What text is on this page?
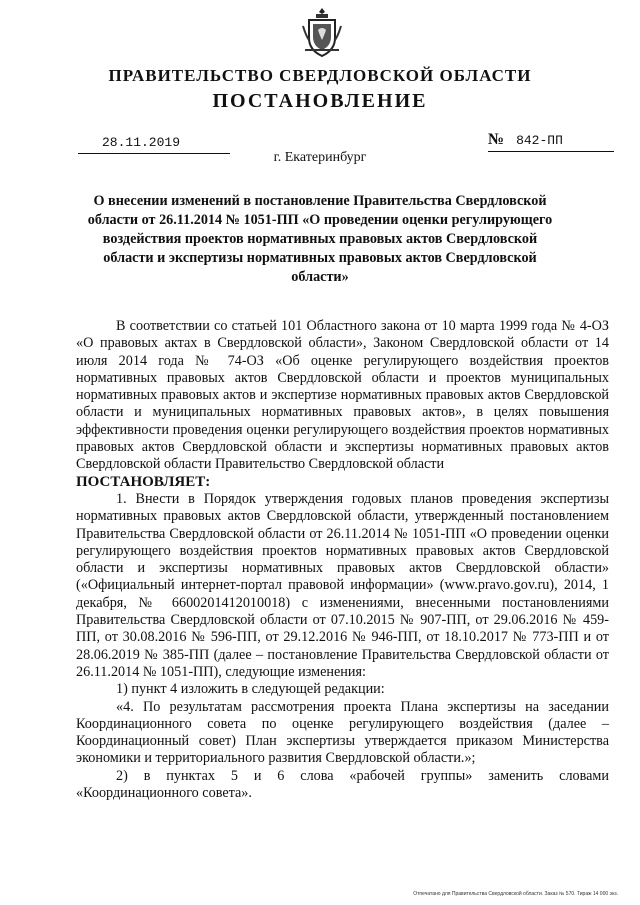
ПРАВИТЕЛЬСТВО СВЕРДЛОВСКОЙ ОБЛАСТИ
ПОСТАНОВЛЕНИЕ
28.11.2019	№ 842-ПП
г. Екатеринбург
О внесении изменений в постановление Правительства Свердловской области от 26.11.2014 № 1051-ПП «О проведении оценки регулирующего воздействия проектов нормативных правовых актов Свердловской области и экспертизы нормативных правовых актов Свердловской области»

В соответствии со статьей 101 Областного закона от 10 марта 1999 года № 4-ОЗ «О правовых актах в Свердловской области», Законом Свердловской области от 14 июля 2014 года № 74-ОЗ «Об оценке регулирующего воздействия проектов нормативных правовых актов Свердловской области и проектов муниципальных нормативных правовых актов и экспертизе нормативных правовых актов Свердловской области и муниципальных нормативных правовых актов», в целях повышения эффективности проведения оценки регулирующего воздействия проектов нормативных правовых актов Свердловской области и экспертизы нормативных правовых актов Свердловской области Правительство Свердловской области

ПОСТАНОВЛЯЕТ:

1. Внести в Порядок утверждения годовых планов проведения экспертизы нормативных правовых актов Свердловской области, утвержденный постановлением Правительства Свердловской области от 26.11.2014 № 1051-ПП «О проведении оценки регулирующего воздействия проектов нормативных правовых актов Свердловской области и экспертизы нормативных правовых актов Свердловской области» («Официальный интернет-портал правовой информации» (www.pravo.gov.ru), 2014, 1 декабря, № 6600201412010018) с изменениями, внесенными постановлениями Правительства Свердловской области от 07.10.2015 № 907-ПП, от 29.06.2016 № 459-ПП, от 30.08.2016 № 596-ПП, от 29.12.2016 № 946-ПП, от 18.10.2017 № 773-ПП и от 28.06.2019 № 385-ПП (далее – постановление Правительства Свердловской области от 26.11.2014 № 1051-ПП), следующие изменения:

1) пункт 4 изложить в следующей редакции:

«4. По результатам рассмотрения проекта Плана экспертизы на заседании Координационного совета по оценке регулирующего воздействия (далее – Координационный совет) План экспертизы утверждается приказом Министерства экономики и территориального развития Свердловской области.»;

2) в пунктах 5 и 6 слова «рабочей группы» заменить словами «Координационного совета».

Отпечатано для Правительства Свердловской области. Заказ № 570. Тираж 14 000 экз.
